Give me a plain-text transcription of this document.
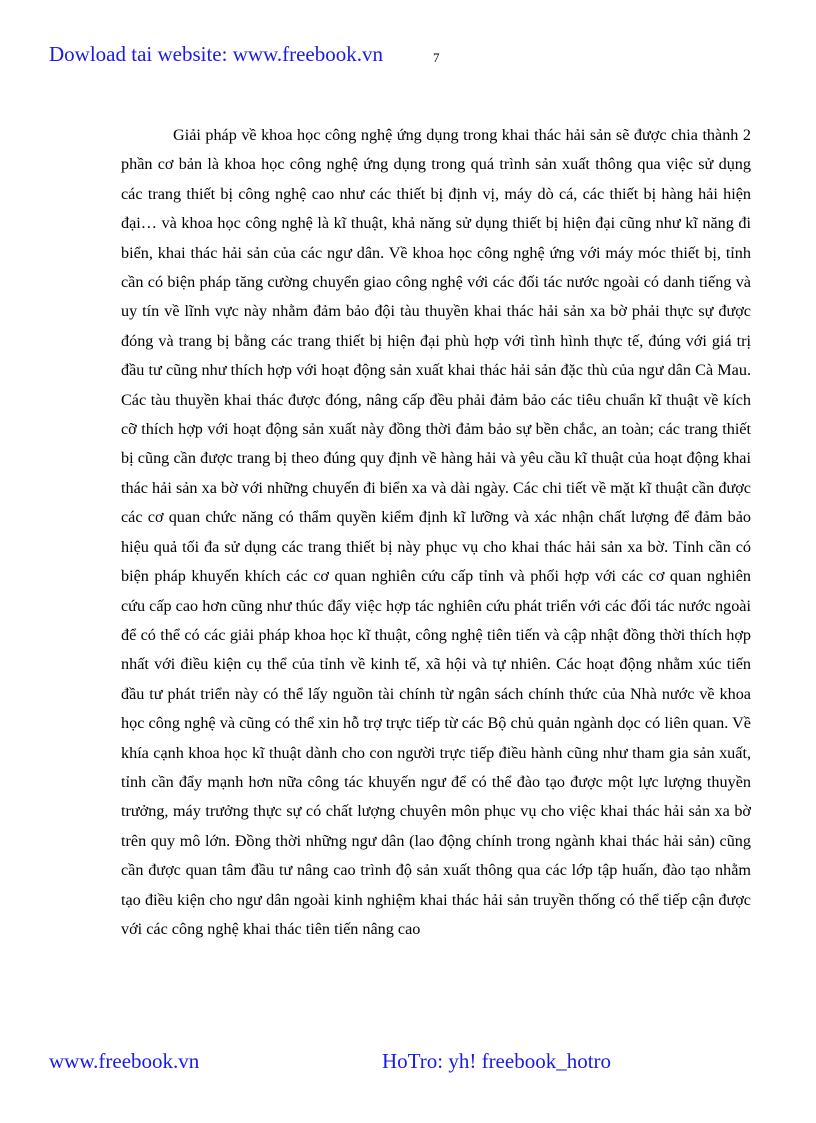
Dowload tai website: www.freebook.vn	7

Giải pháp về khoa học công nghệ ứng dụng trong khai thác hải sản sẽ được chia thành 2 phần cơ bản là khoa học công nghệ ứng dụng trong quá trình sản xuất thông qua việc sử dụng các trang thiết bị công nghệ cao như các thiết bị định vị, máy dò cá, các thiết bị hàng hải hiện đại… và khoa học công nghệ là kĩ thuật, khả năng sử dụng thiết bị hiện đại cũng như kĩ năng đi biển, khai thác hải sản của các ngư dân. Về khoa học công nghệ ứng với máy móc thiết bị, tỉnh cần có biện pháp tăng cường chuyển giao công nghệ với các đối tác nước ngoài có danh tiếng và uy tín về lĩnh vực này nhằm đảm bảo đội tàu thuyền khai thác hải sản xa bờ phải thực sự được đóng và trang bị bằng các trang thiết bị hiện đại phù hợp với tình hình thực tế, đúng với giá trị đầu tư cũng như thích hợp với hoạt động sản xuất khai thác hải sản đặc thù của ngư dân Cà Mau. Các tàu thuyền khai thác được đóng, nâng cấp đều phải đảm bảo các tiêu chuẩn kĩ thuật về kích cỡ thích hợp với hoạt động sản xuất này đồng thời đảm bảo sự bền chắc, an toàn; các trang thiết bị cũng cần được trang bị theo đúng quy định về hàng hải và yêu cầu kĩ thuật của hoạt động khai thác hải sản xa bờ với những chuyến đi biển xa và dài ngày. Các chi tiết về mặt kĩ thuật cần được các cơ quan chức năng có thẩm quyền kiểm định kĩ lưỡng và xác nhận chất lượng để đảm bảo hiệu quả tối đa sử dụng các trang thiết bị này phục vụ cho khai thác hải sản xa bờ. Tỉnh cần có biện pháp khuyến khích các cơ quan nghiên cứu cấp tỉnh và phối hợp với các cơ quan nghiên cứu cấp cao hơn cũng như thúc đẩy việc hợp tác nghiên cứu phát triển với các đối tác nước ngoài để có thể có các giải pháp khoa học kĩ thuật, công nghệ tiên tiến và cập nhật đồng thời thích hợp nhất với điều kiện cụ thể của tỉnh về kinh tế, xã hội và tự nhiên. Các hoạt động nhằm xúc tiến đầu tư phát triển này có thể lấy nguồn tài chính từ ngân sách chính thức của Nhà nước về khoa học công nghệ và cũng có thể xin hỗ trợ trực tiếp từ các Bộ chủ quản ngành dọc có liên quan. Về khía cạnh khoa học kĩ thuật dành cho con người trực tiếp điều hành cũng như tham gia sản xuất, tỉnh cần đẩy mạnh hơn nữa công tác khuyến ngư để có thể đào tạo được một lực lượng thuyền trưởng, máy trưởng thực sự có chất lượng chuyên môn phục vụ cho việc khai thác hải sản xa bờ trên quy mô lớn. Đồng thời những ngư dân (lao động chính trong ngành khai thác hải sản) cũng cần được quan tâm đầu tư nâng cao trình độ sản xuất thông qua các lớp tập huấn, đào tạo nhằm tạo điều kiện cho ngư dân ngoài kinh nghiệm khai thác hải sản truyền thống có thể tiếp cận được với các công nghệ khai thác tiên tiến nâng cao

www.freebook.vn	HoTro: yh! freebook_hotro
